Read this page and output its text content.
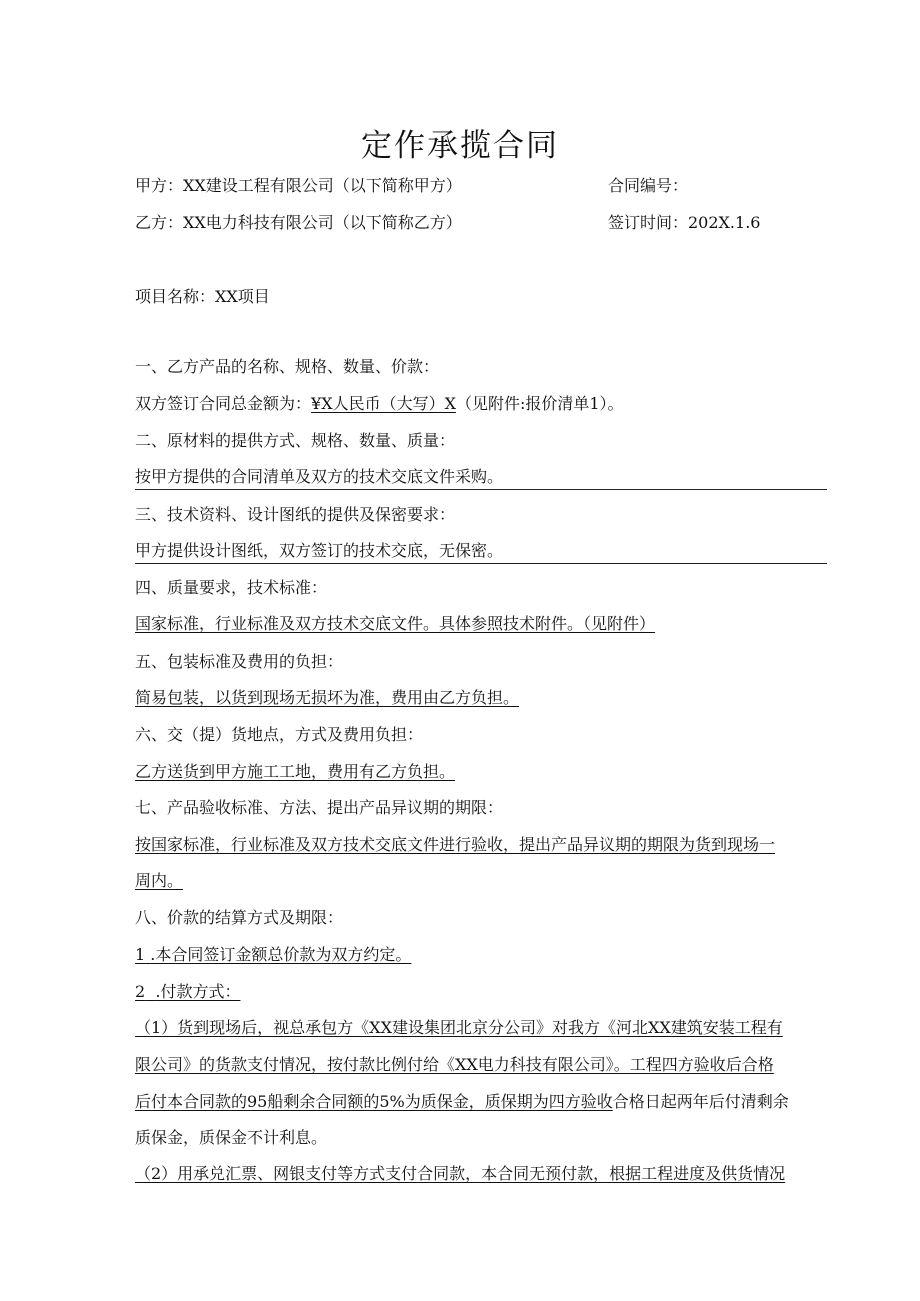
定作承揽合同
甲方：XX建设工程有限公司（以下简称甲方）	合同编号：
乙方：XX电力科技有限公司（以下简称乙方）	签订时间：202X.1.6
项目名称：XX项目
一、乙方产品的名称、规格、数量、价款：
双方签订合同总金额为：¥X人民币（大写）X（见附件:报价清单1）。
二、原材料的提供方式、规格、数量、质量：
按甲方提供的合同清单及双方的技术交底文件采购。
三、技术资料、设计图纸的提供及保密要求：
甲方提供设计图纸，双方签订的技术交底，无保密。
四、质量要求，技术标准：
国家标准，行业标准及双方技术交底文件。具体参照技术附件。（见附件）
五、包装标准及费用的负担：
简易包装，以货到现场无损坏为准，费用由乙方负担。
六、交（提）货地点，方式及费用负担：
乙方送货到甲方施工工地，费用有乙方负担。
七、产品验收标准、方法、提出产品异议期的期限：
按国家标准，行业标准及双方技术交底文件进行验收，提出产品异议期的期限为货到现场一
周内。
八、价款的结算方式及期限：
1 .本合同签订金额总价款为双方约定。
2 .付款方式：
（1）货到现场后，视总承包方《XX建设集团北京分公司》对我方《河北XX建筑安装工程有
限公司》的货款支付情况，按付款比例付给《XX电力科技有限公司》。工程四方验收后合格
后付本合同款的95船剩余合同额的5%为质保金，质保期为四方验收合格日起两年后付清剩余
质保金，质保金不计利息。
（2）用承兑汇票、网银支付等方式支付合同款，本合同无预付款，根据工程进度及供货情况
